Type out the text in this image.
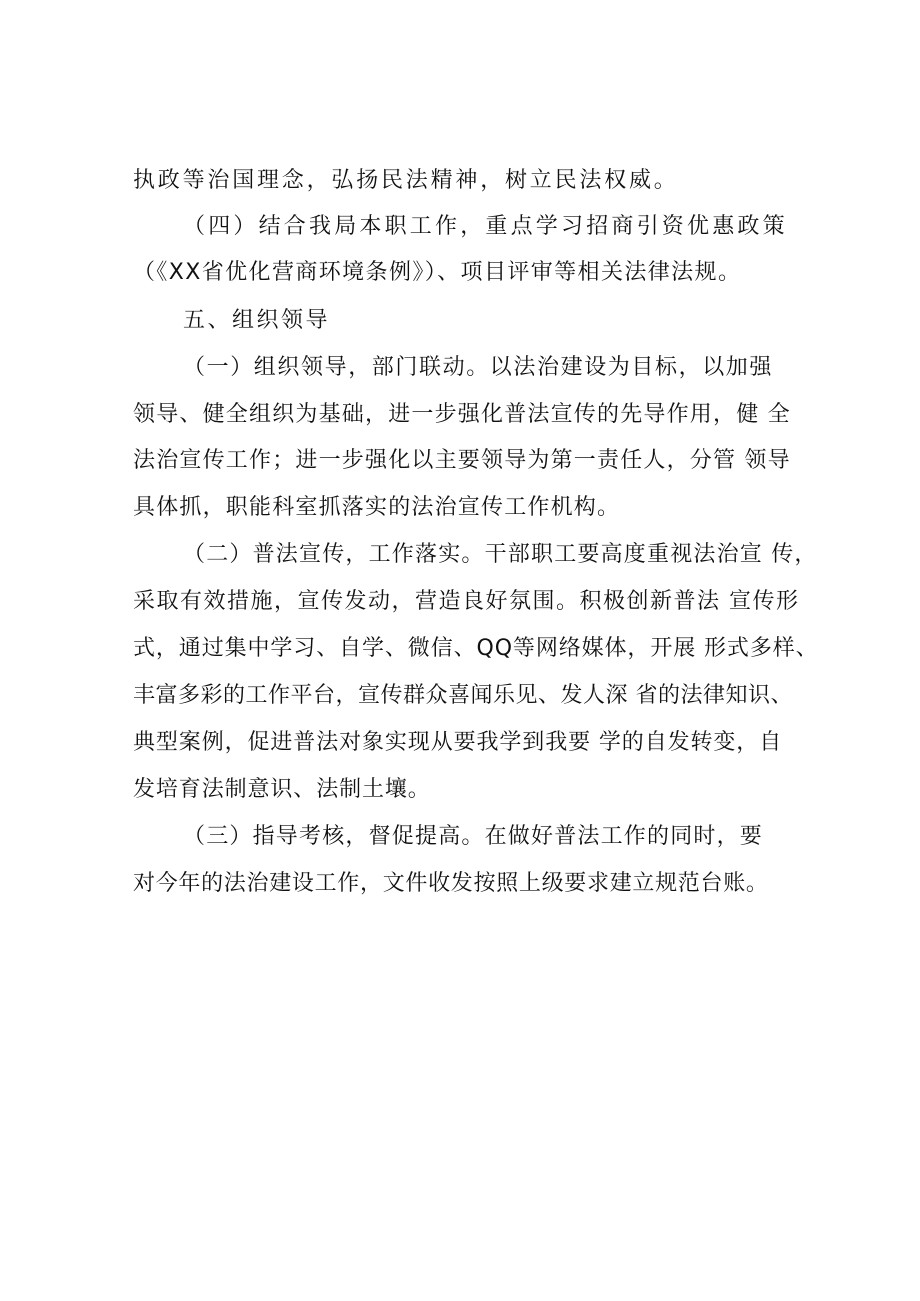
执政等治国理念，弘扬民法精神，树立民法权威。
（四）结合我局本职工作，重点学习招商引资优惠政策
（《XX省优化营商环境条例》）、项目评审等相关法律法规。
五、组织领导
（一）组织领导，部门联动。以法治建设为目标，以加强
领导、健全组织为基础，进一步强化普法宣传的先导作用，健 全
法治宣传工作；进一步强化以主要领导为第一责任人，分管 领导
具体抓，职能科室抓落实的法治宣传工作机构。
（二）普法宣传，工作落实。干部职工要高度重视法治宣 传，
采取有效措施，宣传发动，营造良好氛围。积极创新普法 宣传形
式，通过集中学习、自学、微信、QQ等网络媒体，开展 形式多样、
丰富多彩的工作平台，宣传群众喜闻乐见、发人深 省的法律知识、
典型案例，促进普法对象实现从要我学到我要 学的自发转变，自
发培育法制意识、法制土壤。
（三）指导考核，督促提高。在做好普法工作的同时，要
对今年的法治建设工作，文件收发按照上级要求建立规范台账。
